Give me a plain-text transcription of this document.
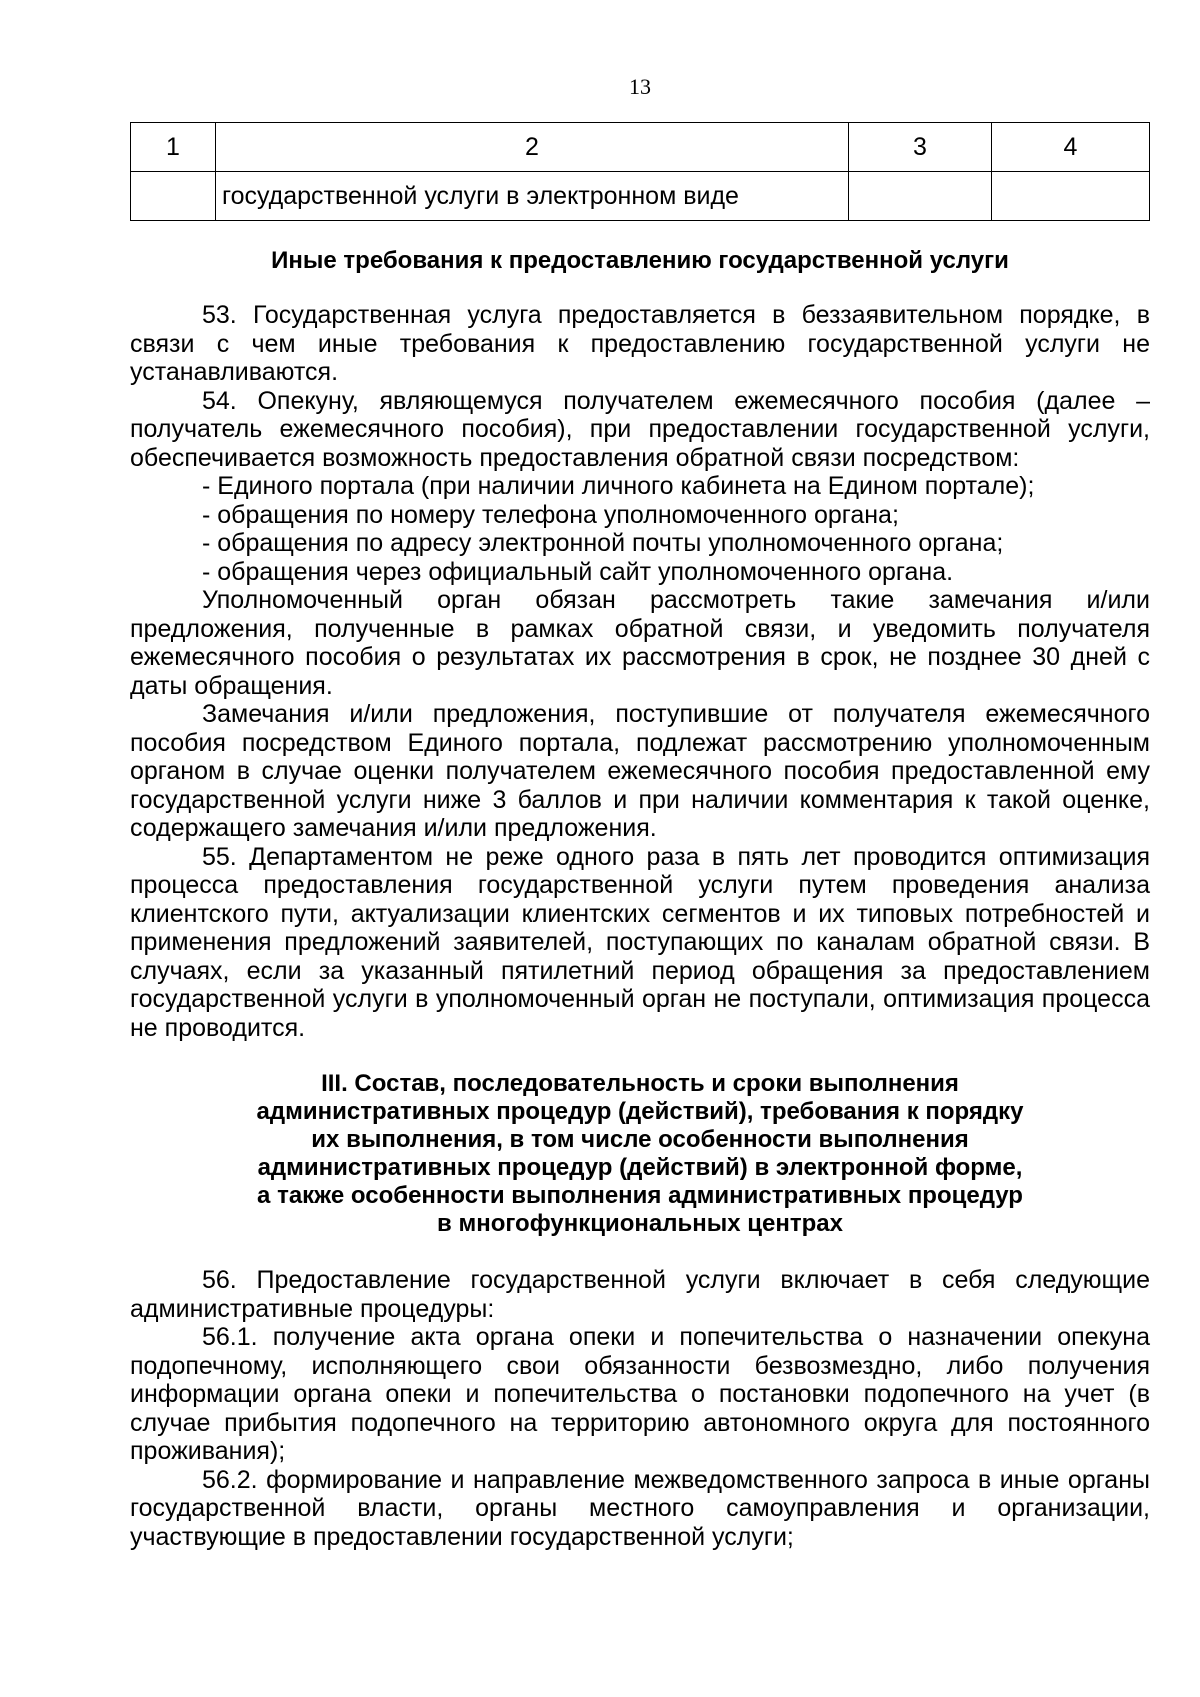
13
1	2	3	4
	государственной услуги в электронном виде		
Иные требования к предоставлению государственной услуги

53. Государственная услуга предоставляется в беззаявительном порядке, в связи с чем иные требования к предоставлению государственной услуги не устанавливаются.

54. Опекуну, являющемуся получателем ежемесячного пособия (далее – получатель ежемесячного пособия), при предоставлении государственной услуги, обеспечивается возможность предоставления обратной связи посредством:

- Единого портала (при наличии личного кабинета на Едином портале);

- обращения по номеру телефона уполномоченного органа;

- обращения по адресу электронной почты уполномоченного органа;

- обращения через официальный сайт уполномоченного органа.

Уполномоченный орган обязан рассмотреть такие замечания и/или предложения, полученные в рамках обратной связи, и уведомить получателя ежемесячного пособия о результатах их рассмотрения в срок, не позднее 30 дней с даты обращения.

Замечания и/или предложения, поступившие от получателя ежемесячного пособия посредством Единого портала, подлежат рассмотрению уполномоченным органом в случае оценки получателем ежемесячного пособия предоставленной ему государственной услуги ниже 3 баллов и при наличии комментария к такой оценке, содержащего замечания и/или предложения.

55. Департаментом не реже одного раза в пять лет проводится оптимизация процесса предоставления государственной услуги путем проведения анализа клиентского пути, актуализации клиентских сегментов и их типовых потребностей и применения предложений заявителей, поступающих по каналам обратной связи. В случаях, если за указанный пятилетний период обращения за предоставлением государственной услуги в уполномоченный орган не поступали, оптимизация процесса не проводится.

III. Состав, последовательность и сроки выполнения
административных процедур (действий), требования к порядку
их выполнения, в том числе особенности выполнения
административных процедур (действий) в электронной форме,
а также особенности выполнения административных процедур
в многофункциональных центрах

56. Предоставление государственной услуги включает в себя следующие административные процедуры:

56.1. получение акта органа опеки и попечительства о назначении опекуна подопечному, исполняющего свои обязанности безвозмездно, либо получения информации органа опеки и попечительства о постановки подопечного на учет (в случае прибытия подопечного на территорию автономного округа для постоянного проживания);

56.2. формирование и направление межведомственного запроса в иные органы государственной власти, органы местного самоуправления и организации, участвующие в предоставлении государственной услуги;
